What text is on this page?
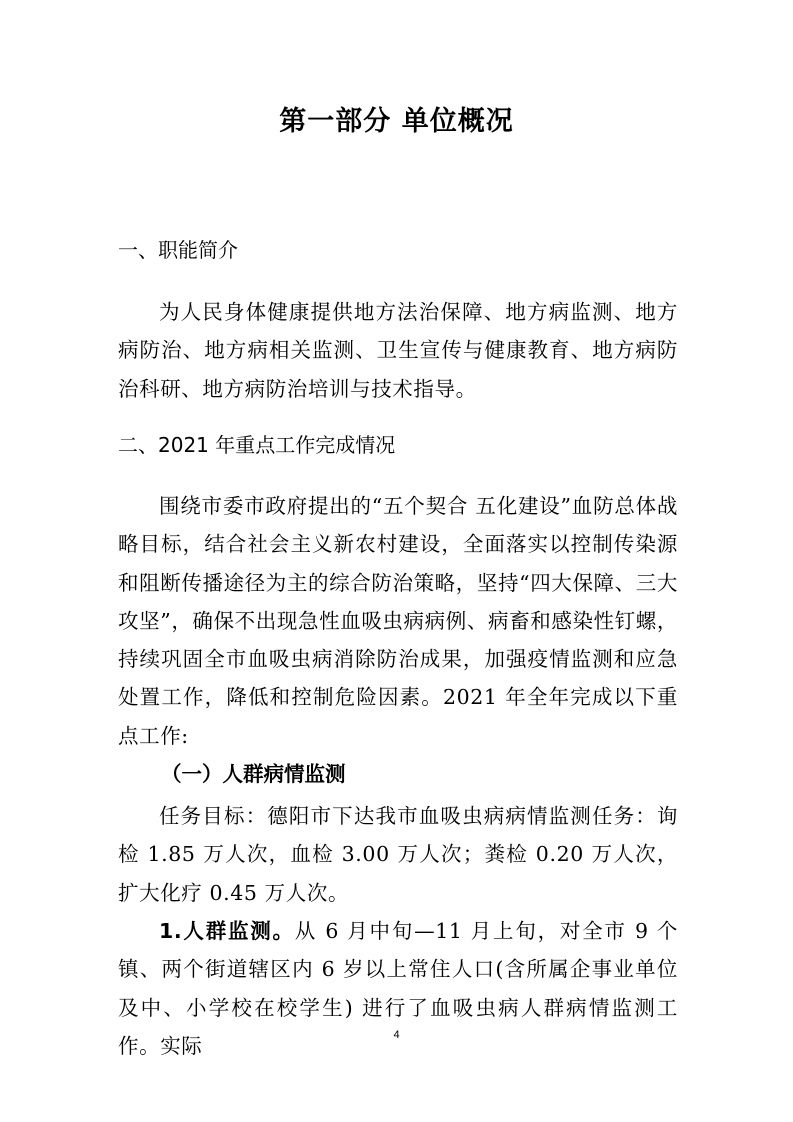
第一部分 单位概况
一、职能简介
为人民身体健康提供地方法治保障、地方病监测、地方病防治、地方病相关监测、卫生宣传与健康教育、地方病防治科研、地方病防治培训与技术指导。
二、2021 年重点工作完成情况
围绕市委市政府提出的“五个契合 五化建设”血防总体战略目标，结合社会主义新农村建设，全面落实以控制传染源和阻断传播途径为主的综合防治策略，坚持“四大保障、三大攻坚”，确保不出现急性血吸虫病病例、病畜和感染性钉螺，持续巩固全市血吸虫病消除防治成果，加强疫情监测和应急处置工作，降低和控制危险因素。2021 年全年完成以下重点工作:
（一）人群病情监测
任务目标：德阳市下达我市血吸虫病病情监测任务：询检 1.85 万人次，血检 3.00 万人次；粪检 0.20 万人次，扩大化疗 0.45 万人次。
1.人群监测。从 6 月中旬—11 月上旬，对全市 9 个镇、两个街道辖区内 6 岁以上常住人口(含所属企事业单位及中、小学校在校学生) 进行了血吸虫病人群病情监测工作。实际	4
